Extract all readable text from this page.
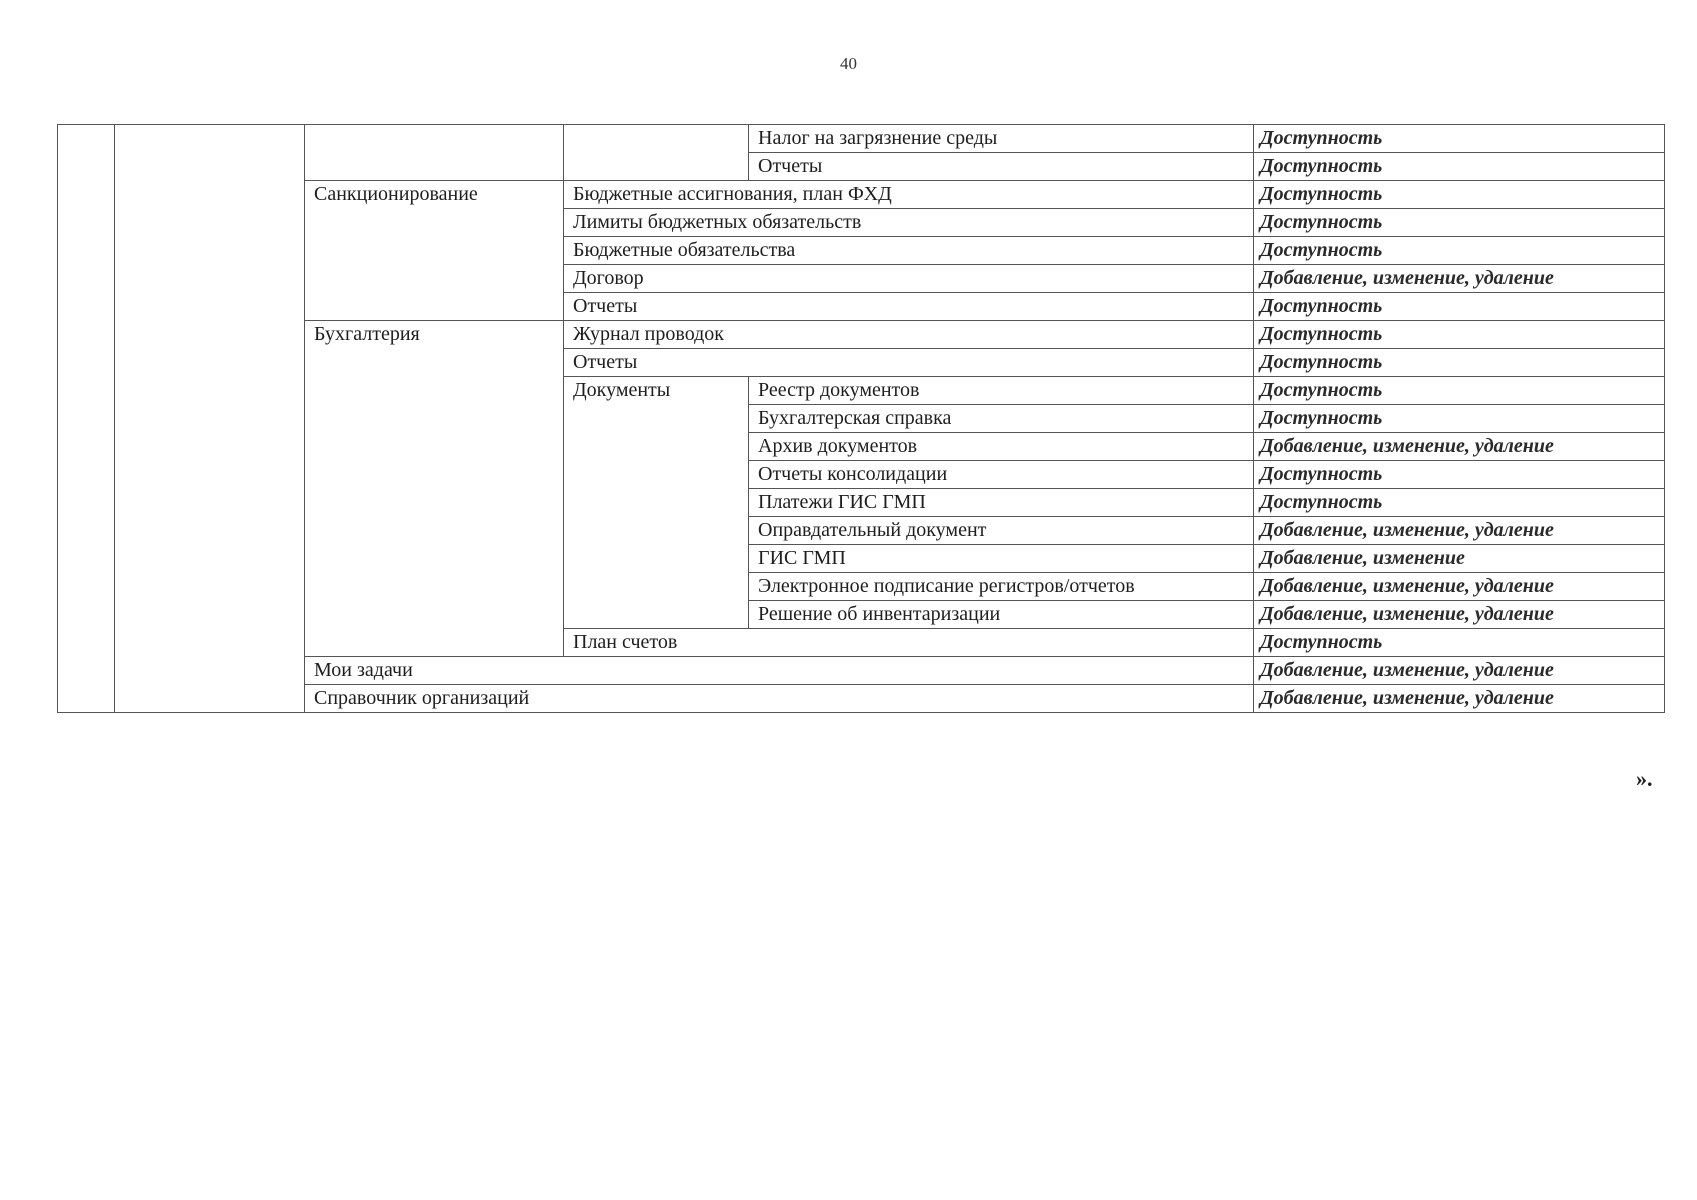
40
				Налог на загрязнение среды	Доступность
				Отчеты	Доступность
		Санкционирование	Бюджетные ассигнования, план ФХД		Доступность
			Лимиты бюджетных обязательств		Доступность
			Бюджетные обязательства		Доступность
			Договор		Добавление, изменение, удаление
			Отчеты		Доступность
		Бухгалтерия	Журнал проводок		Доступность
			Отчеты		Доступность
			Документы	Реестр документов	Доступность
				Бухгалтерская справка	Доступность
				Архив документов	Добавление, изменение, удаление
				Отчеты консолидации	Доступность
				Платежи ГИС ГМП	Доступность
				Оправдательный документ	Добавление, изменение, удаление
				ГИС ГМП	Добавление, изменение
				Электронное подписание регистров/отчетов	Добавление, изменение, удаление
				Решение об инвентаризации	Добавление, изменение, удаление
			План счетов		Доступность
		Мои задачи			Добавление, изменение, удаление
		Справочник организаций			Добавление, изменение, удаление
».
